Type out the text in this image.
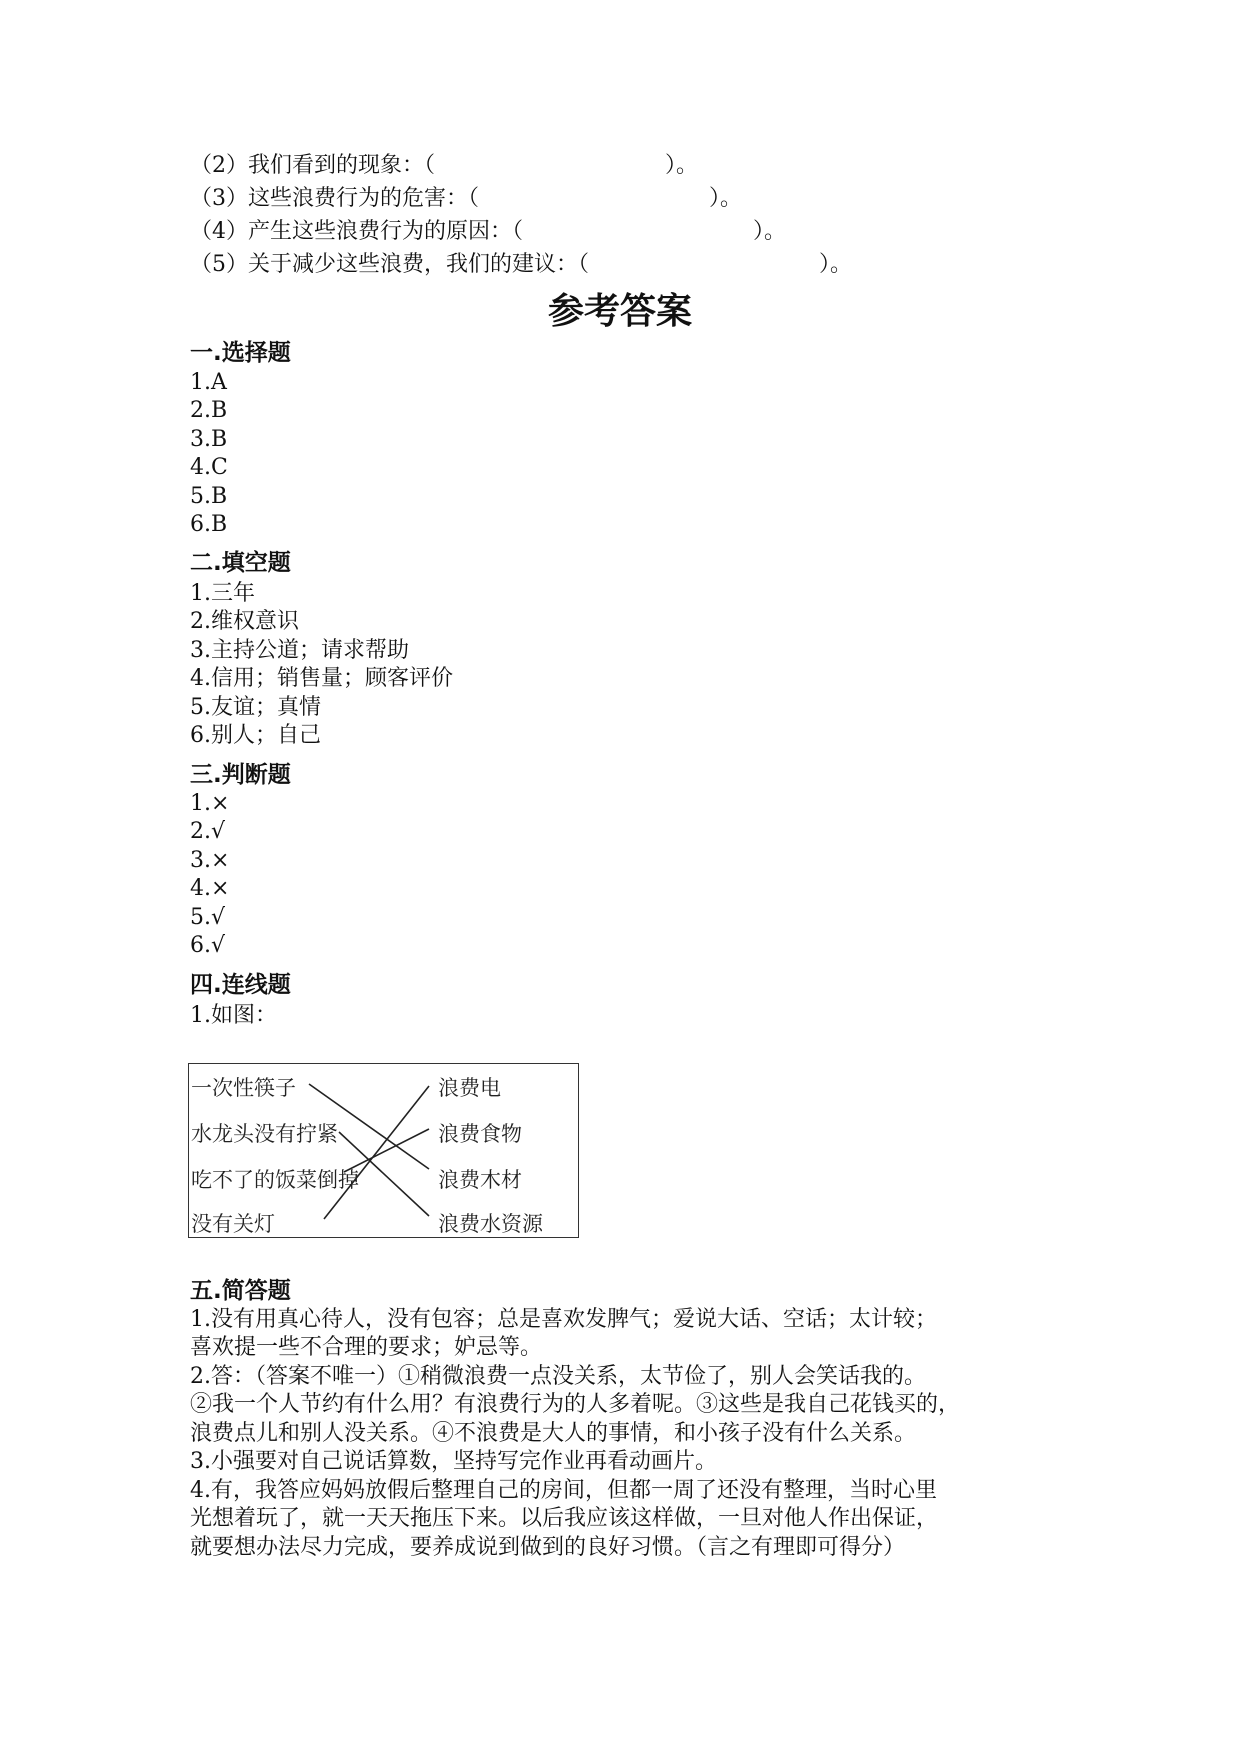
（2）我们看到的现象：（	）。
（3）这些浪费行为的危害：（	）。
（4）产生这些浪费行为的原因：（	）。
（5）关于减少这些浪费，我们的建议：（	）。
参考答案
一.选择题
1.A
2.B
3.B
4.C
5.B
6.B
二.填空题
1.三年
2.维权意识
3.主持公道；请求帮助
4.信用；销售量；顾客评价
5.友谊；真情
6.别人；自己
三.判断题
1.×
2.√
3.×
4.×
5.√
6.√
四.连线题
1.如图：
一次性筷子
水龙头没有拧紧
吃不了的饭菜倒掉
没有关灯
浪费电
浪费食物
浪费木材
浪费水资源
五.简答题
1.没有用真心待人，没有包容；总是喜欢发脾气；爱说大话、空话；太计较；
喜欢提一些不合理的要求；妒忌等。
2.答：（答案不唯一）①稍微浪费一点没关系，太节俭了，别人会笑话我的。
②我一个人节约有什么用？有浪费行为的人多着呢。③这些是我自己花钱买的，
浪费点儿和别人没关系。④不浪费是大人的事情，和小孩子没有什么关系。
3.小强要对自己说话算数，坚持写完作业再看动画片。
4.有，我答应妈妈放假后整理自己的房间，但都一周了还没有整理，当时心里
光想着玩了，就一天天拖压下来。以后我应该这样做，一旦对他人作出保证，
就要想办法尽力完成，要养成说到做到的良好习惯。（言之有理即可得分）
